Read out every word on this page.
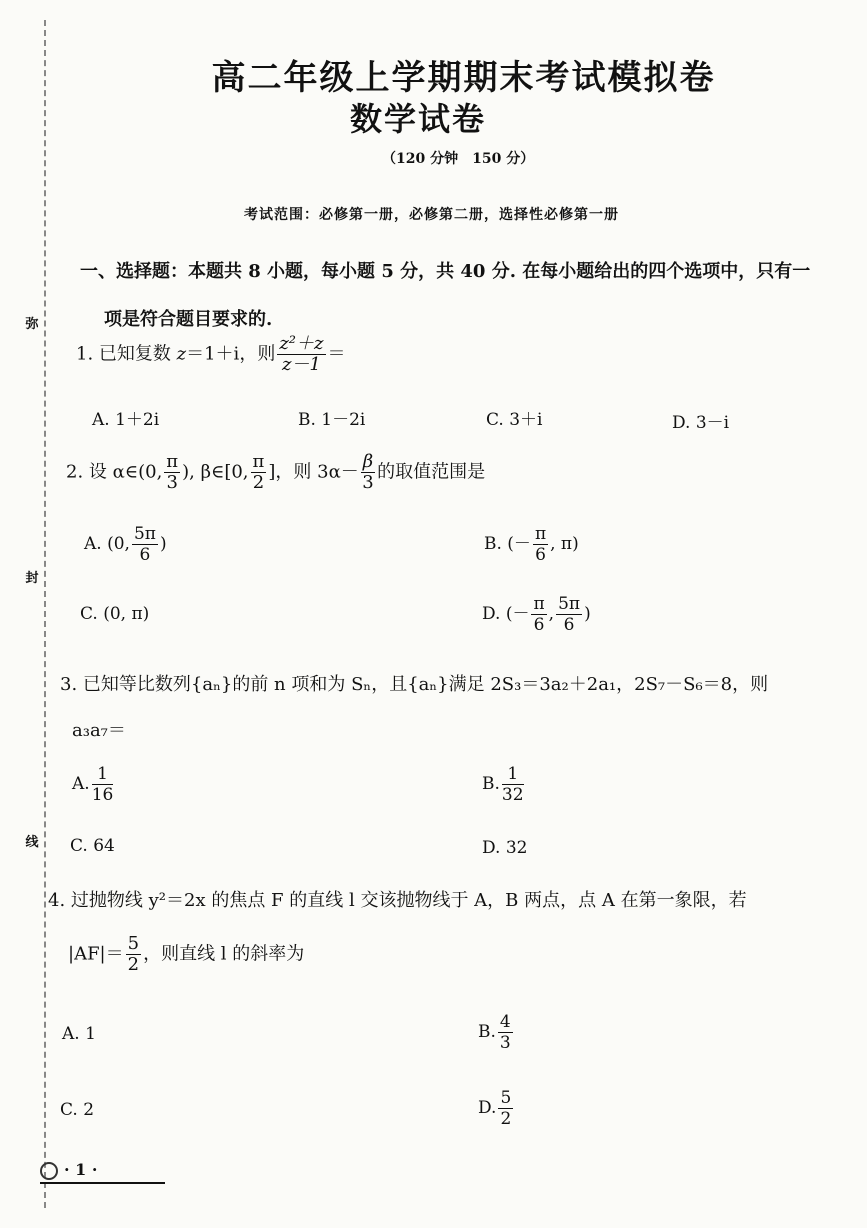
弥
封
线
高二年级上学期期末考试模拟卷
数学试卷
（120 分钟　150 分）
考试范围：必修第一册，必修第二册，选择性必修第一册
一、选择题：本题共 8 小题，每小题 5 分，共 40 分. 在每小题给出的四个选项中，只有一
项是符合题目要求的.
1. 已知复数 z＝1＋i，则 $\frac{\text{z²＋z}}{z-1}$ ＝
A. 1＋2i	B. 1－2i	C. 3＋i	D. 3－i
2. 设 α∈(0, $\frac{\pi}{3}$ ), β∈[0, $\frac{\pi}{2}$ ]，则 $3\alpha- \frac{\beta}{3}$ 的取值范围是
A. (0, $\frac{5\pi}{6}$ )	B. (－ $\frac{\pi}{6}$ , π)
C. (0, π)	D. (－ $\frac{\pi}{6}$ , $\frac{5\pi}{6}$ )
3. 已知等比数列{aₙ}的前 n 项和为 Sₙ，且{aₙ}满足 2S₃＝3a₂＋2a₁，2S₇－S₆＝8，则
a₃a₇＝
A. $\frac{1}{16}$	B. $\frac{1}{32}$
C. 64	D. 32
4. 过抛物线 y²＝2x 的焦点 F 的直线 l 交该抛物线于 A，B 两点，点 A 在第一象限，若
$|AF|= \frac{5}{2}$ ，则直线 l 的斜率为
A. 1	B. $\frac{4}{3}$
C. 2	D. $\frac{5}{2}$
· 1 ·
